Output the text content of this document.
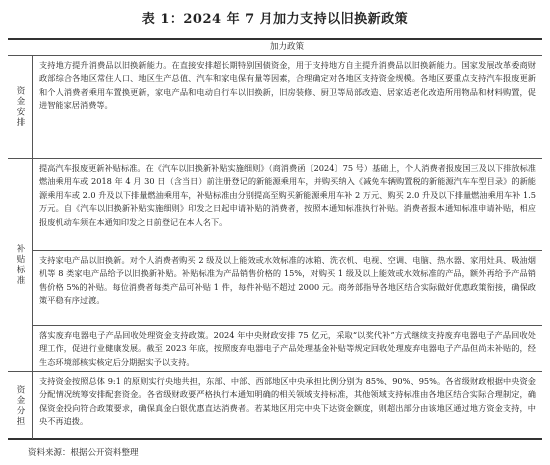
表 1：2024 年 7 月加力支持以旧换新政策
加力政策
资金安排
支持地方提升消费品以旧换新能力。在直接安排超长期特别国债资金，用于支持地方自主提升消费品以旧换新能力。国家发展改革委商财政部综合各地区常住人口、地区生产总值、汽车和家电保有量等因素，合理确定对各地区支持资金规模。各地区要重点支持汽车报废更新和个人消费者乘用车置换更新，家电产品和电动自行车以旧换新，旧房装修、厨卫等局部改造、居家适老化改造所用物品和材料购置，促进智能家居消费等。
补贴标准
提高汽车报废更新补贴标准。在《汽车以旧换新补贴实施细则》（商消费函〔2024〕75 号）基础上，个人消费者报废国三及以下排放标准燃油乘用车或 2018 年 4 月 30 日（含当日）前注册登记的新能源乘用车，并购买纳入《减免车辆购置税的新能源汽车车型目录》的新能源乘用车或 2.0 升及以下排量燃油乘用车，补贴标准由分别提高至购买新能源乘用车补 2 万元、购买 2.0 升及以下排量燃油乘用车补 1.5 万元。自《汽车以旧换新补贴实施细则》印发之日起申请补贴的消费者，按照本通知标准执行补贴。消费者报本通知标准申请补贴，相应报废机动车须在本通知印发之日前登记在本人名下。
支持家电产品以旧换新。对个人消费者购买 2 级及以上能效或水效标准的冰箱、洗衣机、电视、空调、电脑、热水器、家用灶具、吸油烟机等 8 类家电产品给予以旧换新补贴。补贴标准为产品销售价格的 15%，对购买 1 级及以上能效或水效标准的产品，额外再给予产品销售价格 5%的补贴。每位消费者每类产品可补贴 1 件，每件补贴不超过 2000 元。商务部指导各地区结合实际做好优惠政策衔接，确保政策平稳有序过渡。
落实废弃电器电子产品回收处理资金支持政策。2024 年中央财政安排 75 亿元，采取“以奖代补”方式继续支持废弃电器电子产品回收处理工作，促进行业健康发展。截至 2023 年底，按照废弃电器电子产品处理基金补贴等规定回收处理废弃电器电子产品但尚未补贴的，经生态环境部核实核定后分期据实予以支持。
资金分担
支持资金按照总体 9:1 的原则实行央地共担，东部、中部、西部地区中央承担比例分别为 85%、90%、95%。各省级财政根据中央资金分配情况统筹安排配套资金。各省级财政要严格执行本通知明确的相关领域支持标准，其他领域支持标准由各地区结合实际合理制定，确保资金投向符合政策要求，确保真金白银优惠直达消费者。若某地区用完中央下达资金额度，则超出部分由该地区通过地方资金支持，中央不再追拨。
资料来源：根据公开资料整理
